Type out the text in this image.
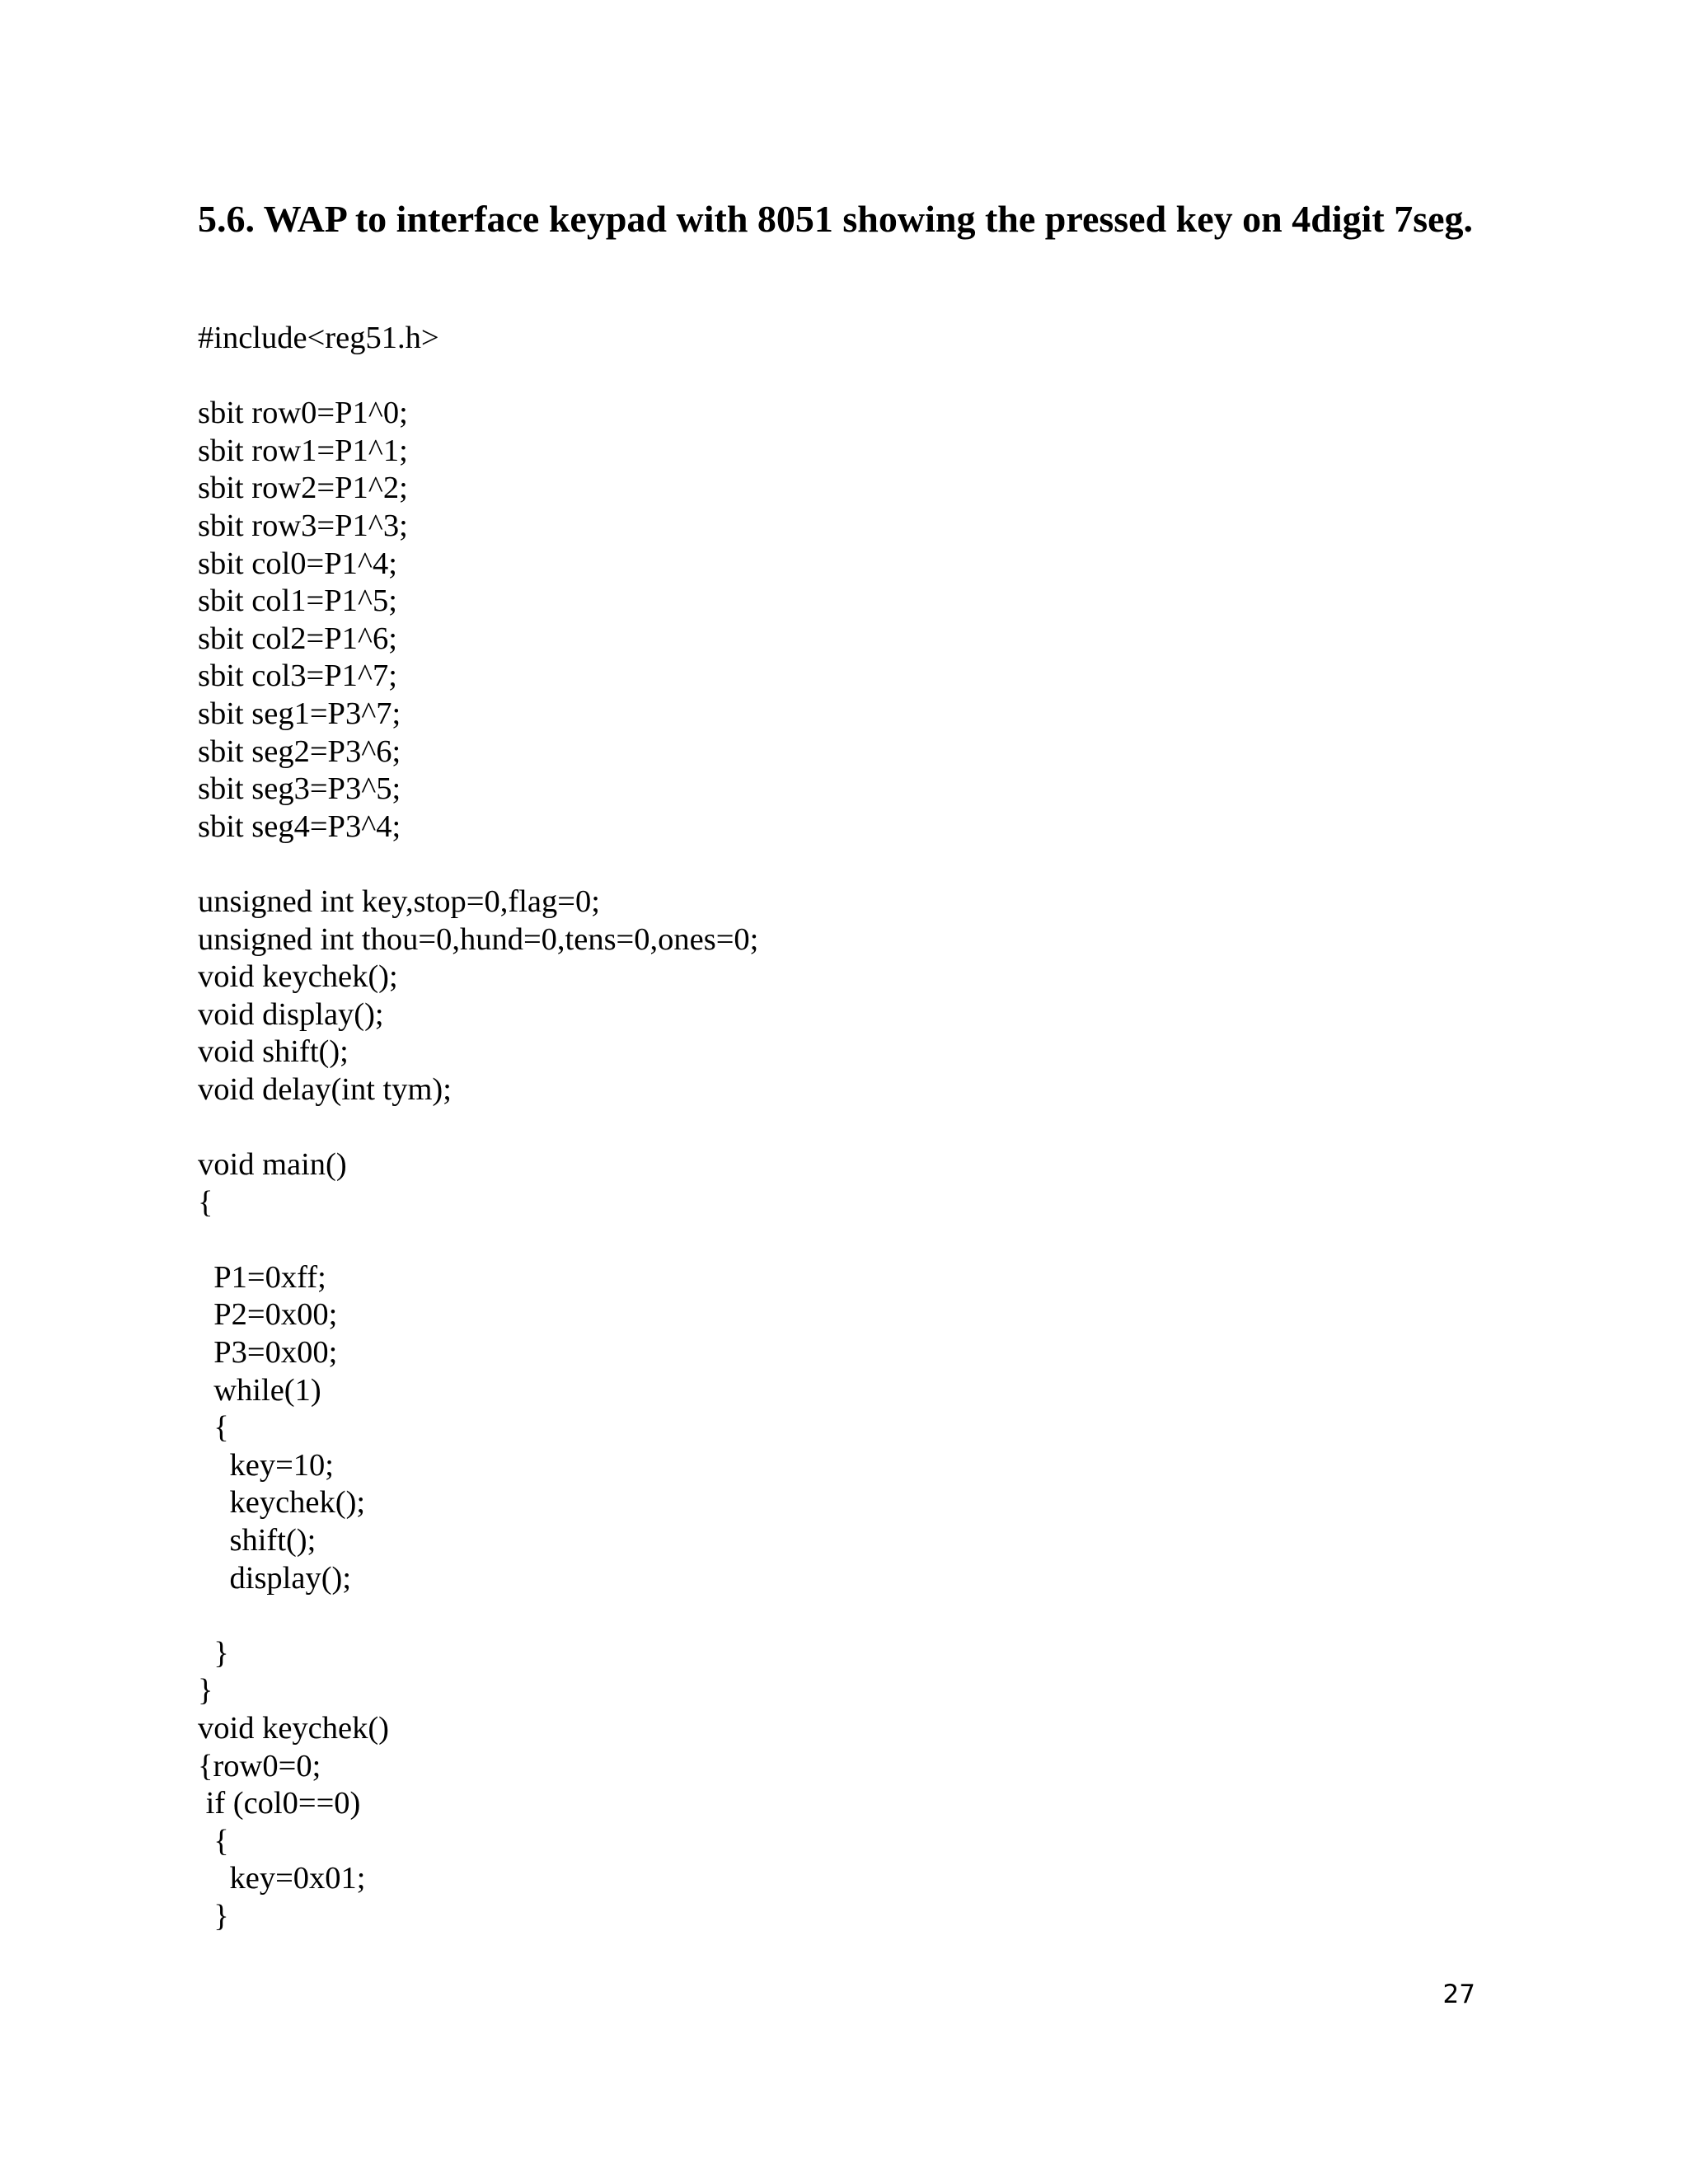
5.6. WAP to interface keypad with 8051 showing the pressed key on 4digit 7seg.
#include<reg51.h>
sbit row0=P1^0;
sbit row1=P1^1;
sbit row2=P1^2;
sbit row3=P1^3;
sbit col0=P1^4;
sbit col1=P1^5;
sbit col2=P1^6;
sbit col3=P1^7;
sbit seg1=P3^7;
sbit seg2=P3^6;
sbit seg3=P3^5;
sbit seg4=P3^4;
unsigned int key,stop=0,flag=0;
unsigned int thou=0,hund=0,tens=0,ones=0;
void keychek();
void display();
void shift();
void delay(int tym);
void main()
{
P1=0xff;
P2=0x00;
P3=0x00;
while(1)
{
key=10;
keychek();
shift();
display();
}
}
void keychek()
{row0=0;
if (col0==0)
{
key=0x01;
}
27
